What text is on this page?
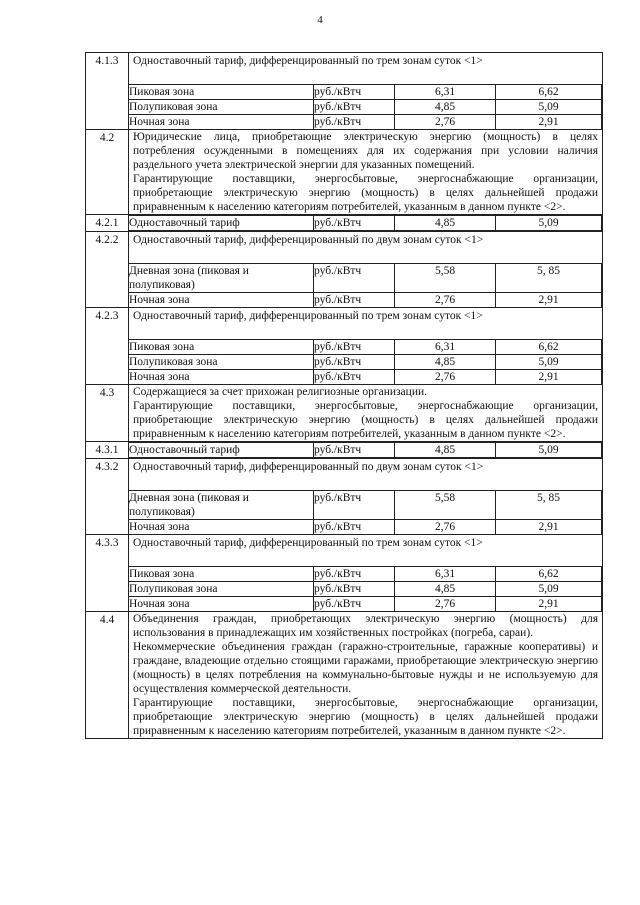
4
4.1.3	Одноставочный тариф, дифференцированный по трем зонам суток <1>
Пиковая зона	руб./кВтч	6,31	6,62
Полупиковая зона	руб./кВтч	4,85	5,09
Ночная зона	руб./кВтч	2,76	2,91

4.2	Юридические лица, приобретающие электрическую энергию (мощность) в целях потребления осужденными в помещениях для их содержания при условии наличия раздельного учета электрической энергии для указанных помещений.
Гарантирующие поставщики, энергосбытовые, энергоснабжающие организации, приобретающие электрическую энергию (мощность) в целях дальнейшей продажи приравненным к населению категориям потребителей, указанным в данном пункте <2>.

4.2.1	Одноставочный тариф	руб./кВтч	4,85	5,09

4.2.2	Одноставочный тариф, дифференцированный по двум зонам суток <1>
Дневная зона (пиковая и полупиковая)	руб./кВтч	5,58	5, 85
Ночная зона	руб./кВтч	2,76	2,91

4.2.3	Одноставочный тариф, дифференцированный по трем зонам суток <1>
Пиковая зона	руб./кВтч	6,31	6,62
Полупиковая зона	руб./кВтч	4,85	5,09
Ночная зона	руб./кВтч	2,76	2,91

4.3	Содержащиеся за счет прихожан религиозные организации.
Гарантирующие поставщики, энергосбытовые, энергоснабжающие организации, приобретающие электрическую энергию (мощность) в целях дальнейшей продажи приравненным к населению категориям потребителей, указанным в данном пункте <2>.

4.3.1	Одноставочный тариф	руб./кВтч	4,85	5,09

4.3.2	Одноставочный тариф, дифференцированный по двум зонам суток <1>
Дневная зона (пиковая и полупиковая)	руб./кВтч	5,58	5, 85
Ночная зона	руб./кВтч	2,76	2,91

4.3.3	Одноставочный тариф, дифференцированный по трем зонам суток <1>
Пиковая зона	руб./кВтч	6,31	6,62
Полупиковая зона	руб./кВтч	4,85	5,09
Ночная зона	руб./кВтч	2,76	2,91

4.4	Объединения граждан, приобретающих электрическую энергию (мощность) для использования в принадлежащих им хозяйственных постройках (погреба, сараи).
Некоммерческие объединения граждан (гаражно-строительные, гаражные кооперативы) и граждане, владеющие отдельно стоящими гаражами, приобретающие электрическую энергию (мощность) в целях потребления на коммунально-бытовые нужды и не используемую для осуществления коммерческой деятельности.
Гарантирующие поставщики, энергосбытовые, энергоснабжающие организации, приобретающие электрическую энергию (мощность) в целях дальнейшей продажи приравненным к населению категориям потребителей, указанным в данном пункте <2>.
